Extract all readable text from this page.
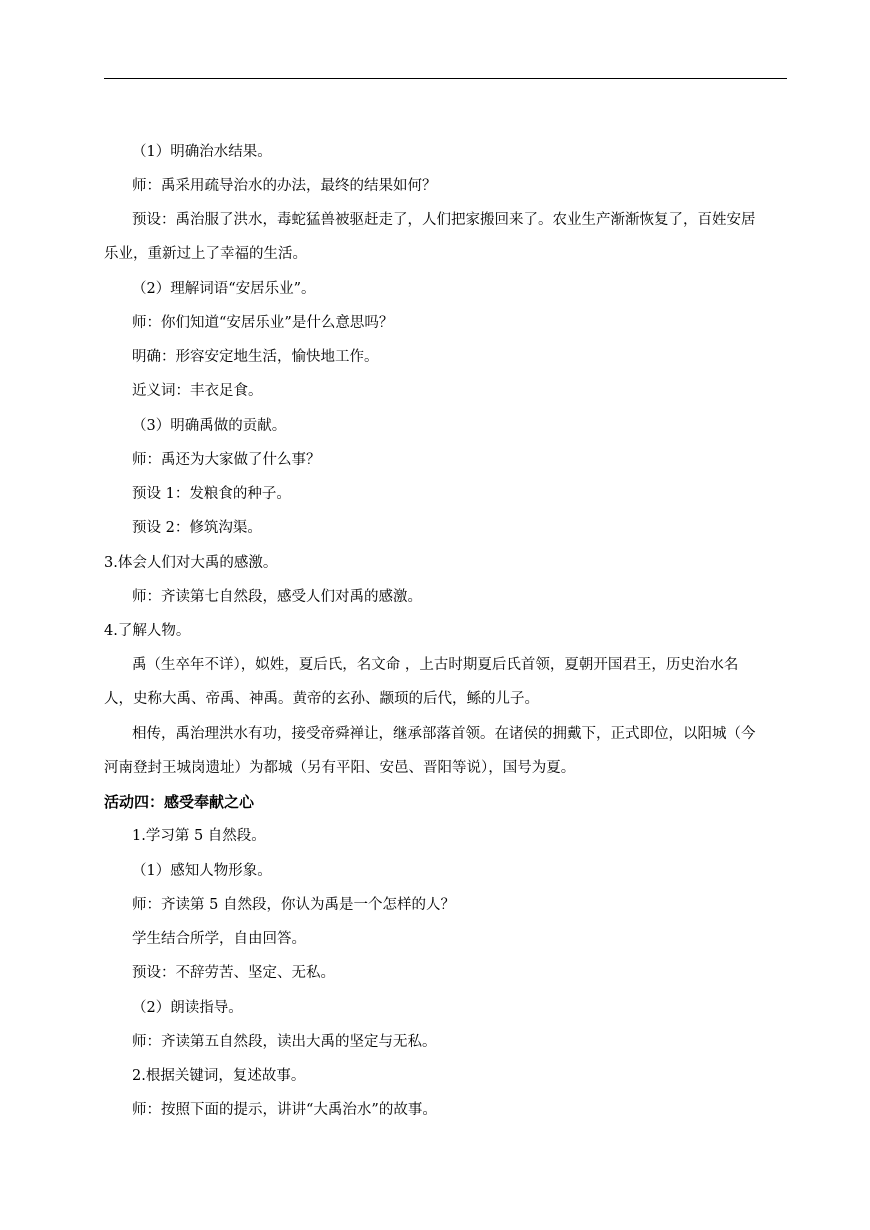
（1）明确治水结果。
师：禹采用疏导治水的办法，最终的结果如何？
预设：禹治服了洪水，毒蛇猛兽被驱赶走了，人们把家搬回来了。农业生产渐渐恢复了，百姓安居
乐业，重新过上了幸福的生活。
（2）理解词语“安居乐业”。
师：你们知道“安居乐业”是什么意思吗？
明确：形容安定地生活，愉快地工作。
近义词：丰衣足食。
（3）明确禹做的贡献。
师：禹还为大家做了什么事？
预设 1：发粮食的种子。
预设 2：修筑沟渠。
3.体会人们对大禹的感激。
师：齐读第七自然段，感受人们对禹的感激。
4.了解人物。
禹（生卒年不详），姒姓，夏后氏，名文命 ，上古时期夏后氏首领，夏朝开国君王，历史治水名
人，史称大禹、帝禹、神禹。黄帝的玄孙、颛顼的后代，鲧的儿子。
相传，禹治理洪水有功，接受帝舜禅让，继承部落首领。在诸侯的拥戴下，正式即位，以阳城（今
河南登封王城岗遗址）为都城（另有平阳、安邑、晋阳等说），国号为夏。
活动四：感受奉献之心
1.学习第 5 自然段。
（1）感知人物形象。
师：齐读第 5 自然段，你认为禹是一个怎样的人？
学生结合所学，自由回答。
预设：不辞劳苦、坚定、无私。
（2）朗读指导。
师：齐读第五自然段，读出大禹的坚定与无私。
2.根据关键词，复述故事。
师：按照下面的提示，讲讲“大禹治水”的故事。
